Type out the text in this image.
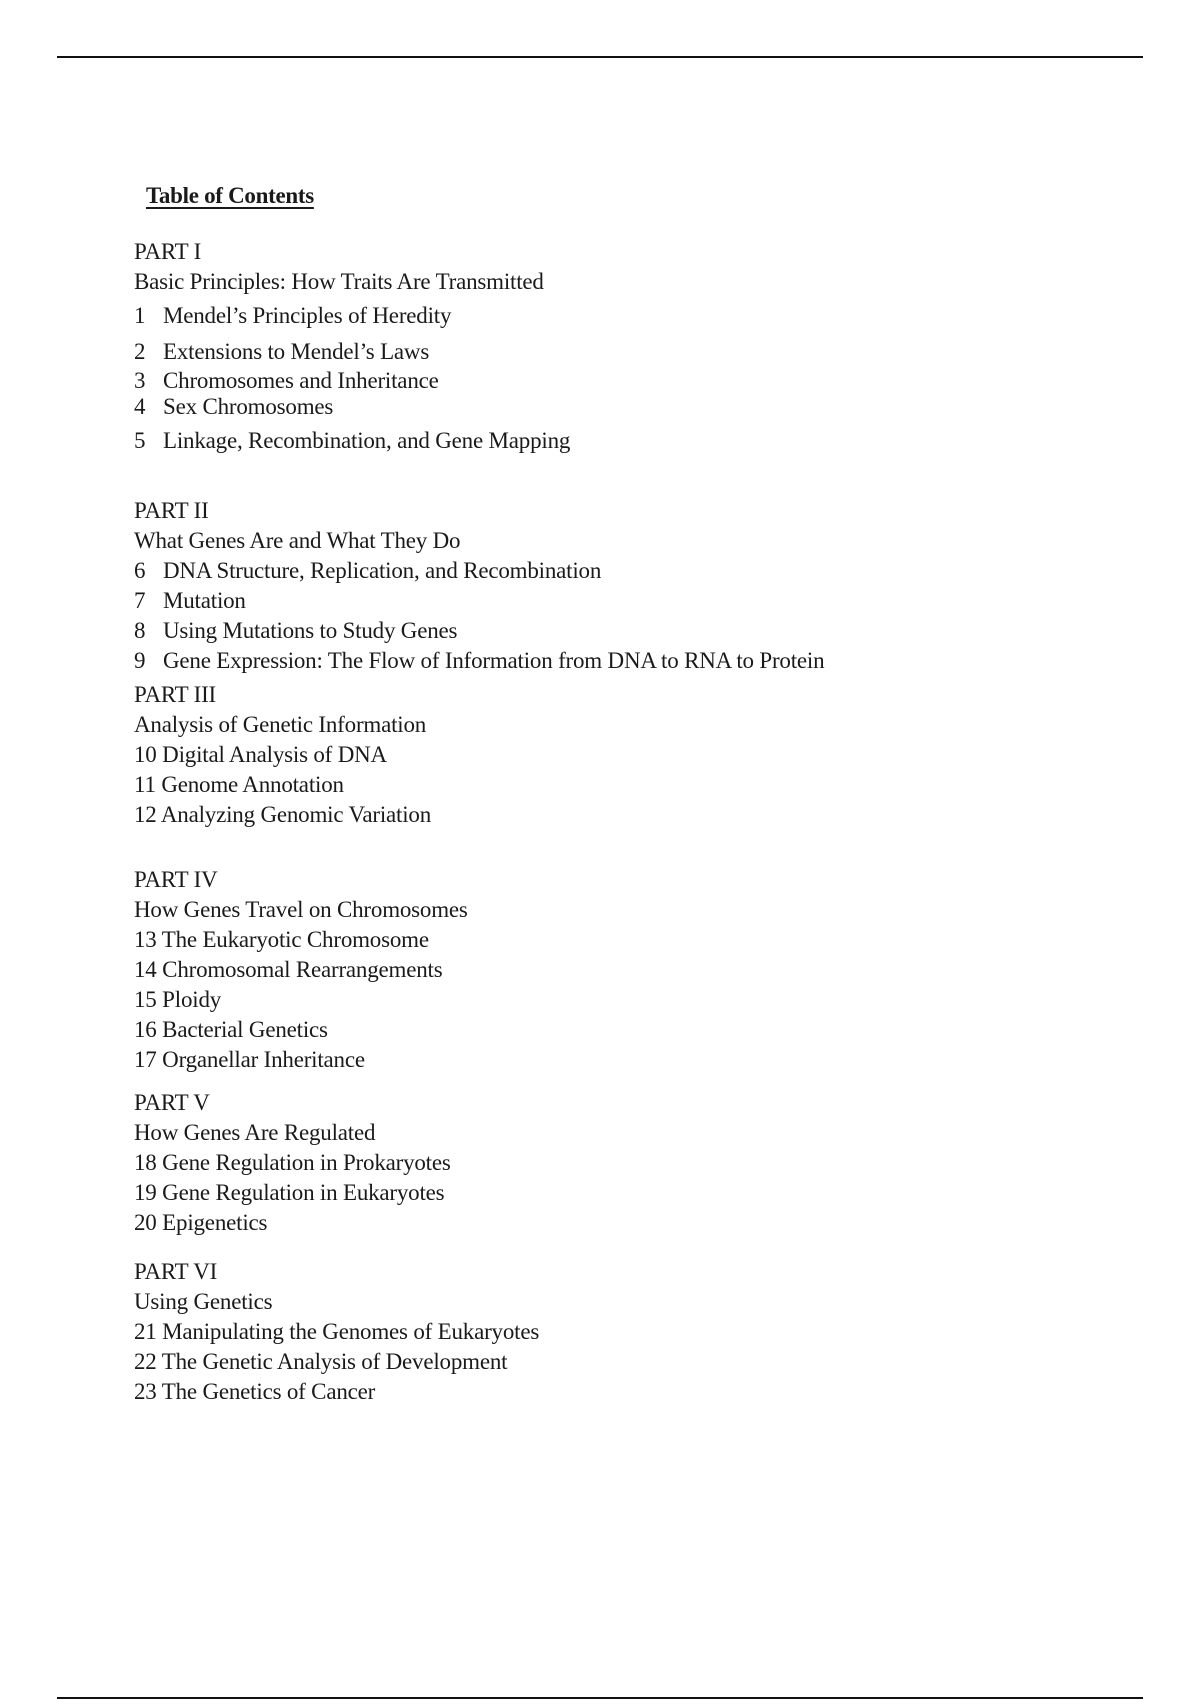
Table of Contents
PART I
Basic Principles: How Traits Are Transmitted
1 Mendel’s Principles of Heredity
2 Extensions to Mendel’s Laws
3 Chromosomes and Inheritance
4 Sex Chromosomes
5 Linkage, Recombination, and Gene Mapping
PART II
What Genes Are and What They Do
6 DNA Structure, Replication, and Recombination
7 Mutation
8 Using Mutations to Study Genes
9 Gene Expression: The Flow of Information from DNA to RNA to Protein
PART III
Analysis of Genetic Information
10 Digital Analysis of DNA
11 Genome Annotation
12 Analyzing Genomic Variation
PART IV
How Genes Travel on Chromosomes
13 The Eukaryotic Chromosome
14 Chromosomal Rearrangements
15 Ploidy
16 Bacterial Genetics
17 Organellar Inheritance
PART V
How Genes Are Regulated
18 Gene Regulation in Prokaryotes
19 Gene Regulation in Eukaryotes
20 Epigenetics
PART VI
Using Genetics
21 Manipulating the Genomes of Eukaryotes
22 The Genetic Analysis of Development
23 The Genetics of Cancer
